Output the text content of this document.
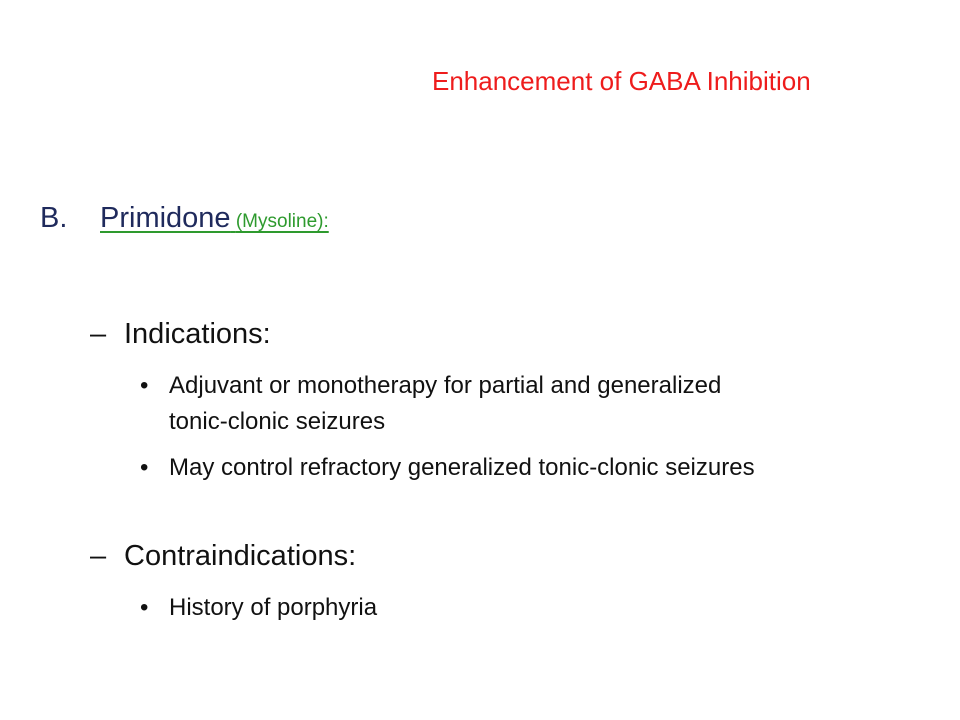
Enhancement of GABA Inhibition
B. Primidone (Mysoline):
– Indications:
• Adjuvant or monotherapy for partial and generalized tonic-clonic seizures
• May control refractory generalized tonic-clonic seizures
– Contraindications:
• History of porphyria
